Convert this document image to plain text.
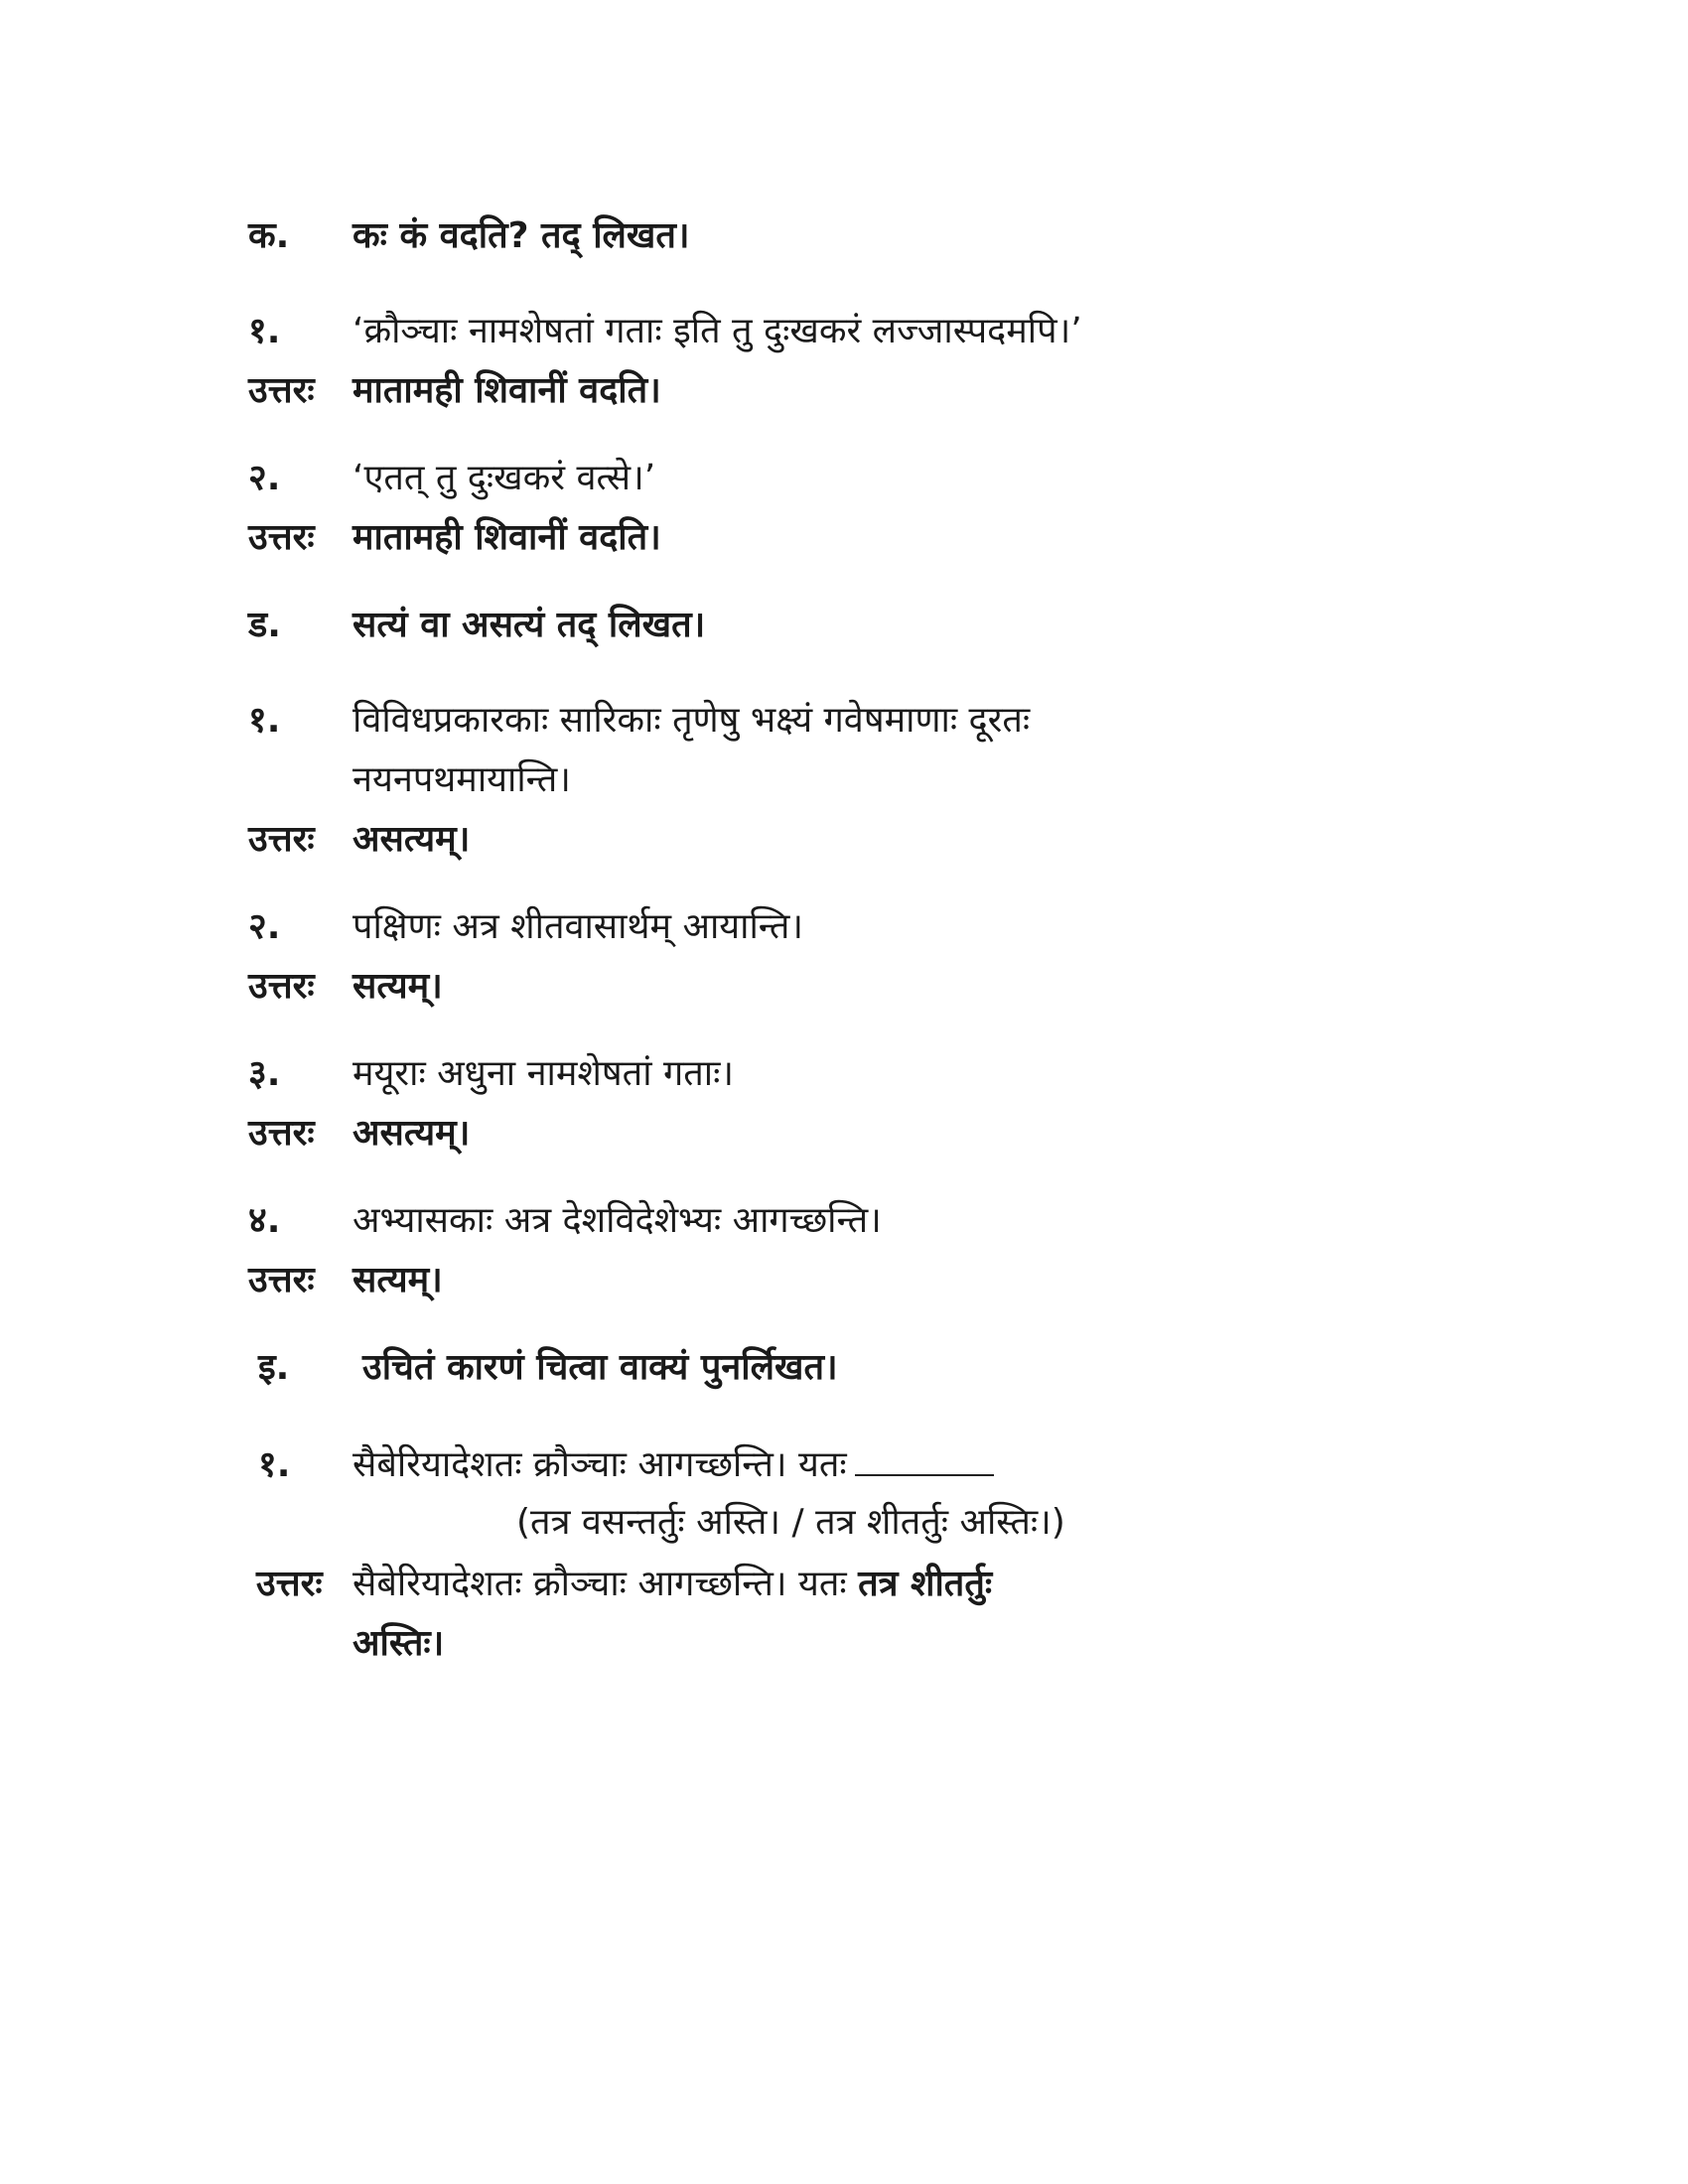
क. कः कं वदति? तद् लिखत।
१. ‘क्रौञ्चाः नामशेषतां गताः इति तु दुःखकरं लज्जास्पदमपि।’
उत्तरः मातामही शिवानीं वदति।
२. ‘एतत् तु दुःखकरं वत्से।’
उत्तरः मातामही शिवानीं वदति।
ड. सत्यं वा असत्यं तद् लिखत।
१. विविधप्रकारकाः सारिकाः तृणेषु भक्ष्यं गवेषमाणाः दूरतः
नयनपथमायान्ति।
उत्तरः असत्यम्।
२. पक्षिणः अत्र शीतवासार्थम् आयान्ति।
उत्तरः सत्यम्।
३. मयूराः अधुना नामशेषतां गताः।
उत्तरः असत्यम्।
४. अभ्यासकाः अत्र देशविदेशेभ्यः आगच्छन्ति।
उत्तरः सत्यम्।
इ. उचितं कारणं चित्वा वाक्यं पुनर्लिखत।
१. सैबेरियादेशतः क्रौञ्चाः आगच्छन्ति। यतः
(तत्र वसन्तर्तुः अस्ति। / तत्र शीतर्तुः अस्तिः।)
उत्तरः सैबेरियादेशतः क्रौञ्चाः आगच्छन्ति। यतः तत्र शीतर्तुः
अस्तिः।
